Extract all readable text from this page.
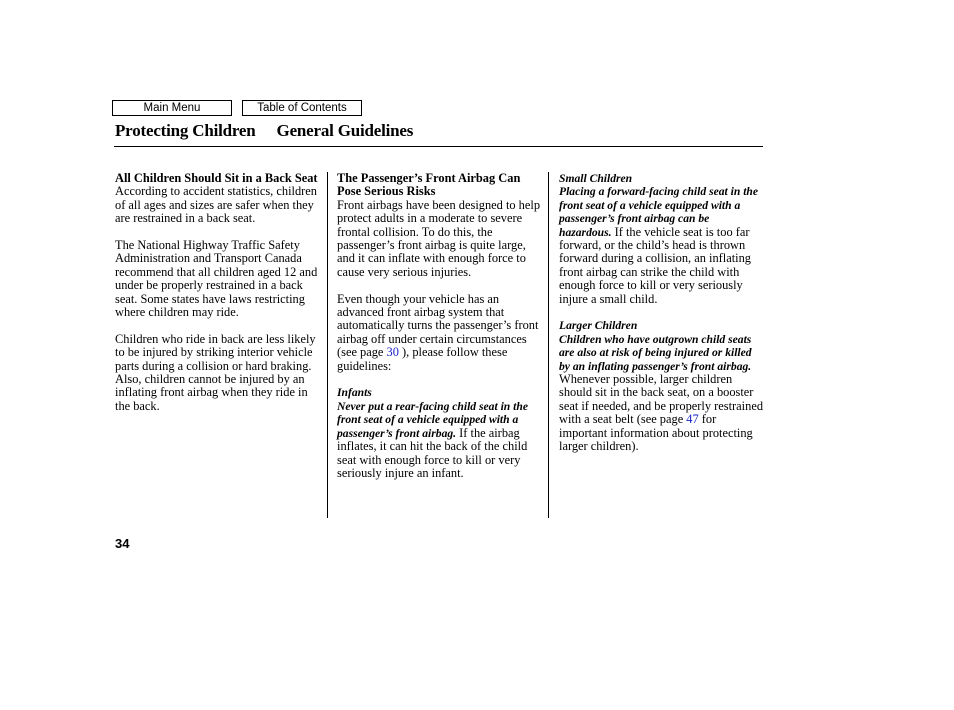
Main Menu	Table of Contents
Protecting Children General Guidelines
All Children Should Sit in a Back Seat

According to accident statistics, children of all ages and sizes are safer when they are restrained in a back seat.

The National Highway Traffic Safety Administration and Transport Canada recommend that all children aged 12 and under be properly restrained in a back seat. Some states have laws restricting where children may ride.

Children who ride in back are less likely to be injured by striking interior vehicle parts during a collision or hard braking. Also, children cannot be injured by an inflating front airbag when they ride in the back.

The Passenger’s Front Airbag Can Pose Serious Risks

Front airbags have been designed to help protect adults in a moderate to severe frontal collision. To do this, the passenger’s front airbag is quite large, and it can inflate with enough force to cause very serious injuries.

Even though your vehicle has an advanced front airbag system that automatically turns the passenger’s front airbag off under certain circumstances (see page 30 ), please follow these guidelines:

Infants
Never put a rear-facing child seat in the front seat of a vehicle equipped with a passenger’s front airbag. If the airbag inflates, it can hit the back of the child seat with enough force to kill or very seriously injure an infant.

Small Children
Placing a forward-facing child seat in the front seat of a vehicle equipped with a passenger’s front airbag can be hazardous. If the vehicle seat is too far forward, or the child’s head is thrown forward during a collision, an inflating front airbag can strike the child with enough force to kill or very seriously injure a small child.

Larger Children
Children who have outgrown child seats are also at risk of being injured or killed by an inflating passenger’s front airbag. Whenever possible, larger children should sit in the back seat, on a booster seat if needed, and be properly restrained with a seat belt (see page 47 for important information about protecting larger children).

34
